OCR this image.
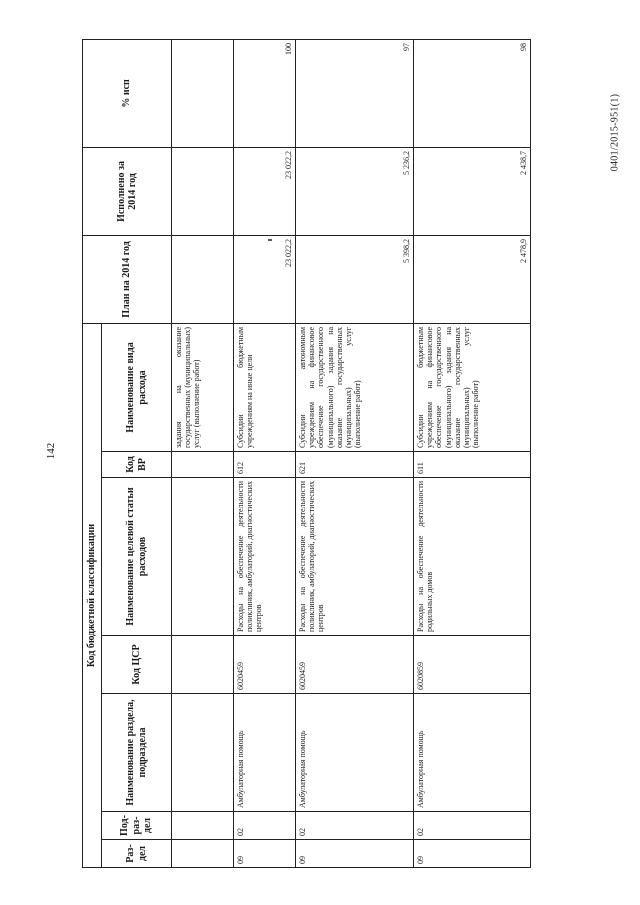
142
0401/2015-951(1)
Код бюджетной классификации							План на 2014 год	Исполнено за 2014 год	% исп
Раз-дел	Под-раз-дел	Наименование раздела, подраздела	Код ЦСР	Наименование целевой статьи расходов	Код ВР	Наименование вида расхода			
						задания на оказание государственных (муниципальных) услуг (выполнение работ)			
09	02	Амбулаторная помощь	6020459	Расходы на обеспечение деятельности поликлиник, амбулаторий, диагностических центров	612	Субсидии бюджетным учреждениям на иные цели	23 022,2	23 022,2	100
09	02	Амбулаторная помощь	6020459	Расходы на обеспечение деятельности поликлиник, амбулаторий, диагностических центров	621	Субсидии автономным учреждениям на финансовое обеспечение государственного (муниципального) задания на оказание государственных (муниципальных) услуг (выполнение работ)	5 398,2	5 236,2	97
09	02	Амбулаторная помощь	6020859	Расходы на обеспечение деятельности родильных домов	611	Субсидии бюджетным учреждениям на финансовое обеспечение государственного (муниципального) задания на оказание государственных (муниципальных) услуг (выполнение работ)	2 478,9	2 438,7	98
